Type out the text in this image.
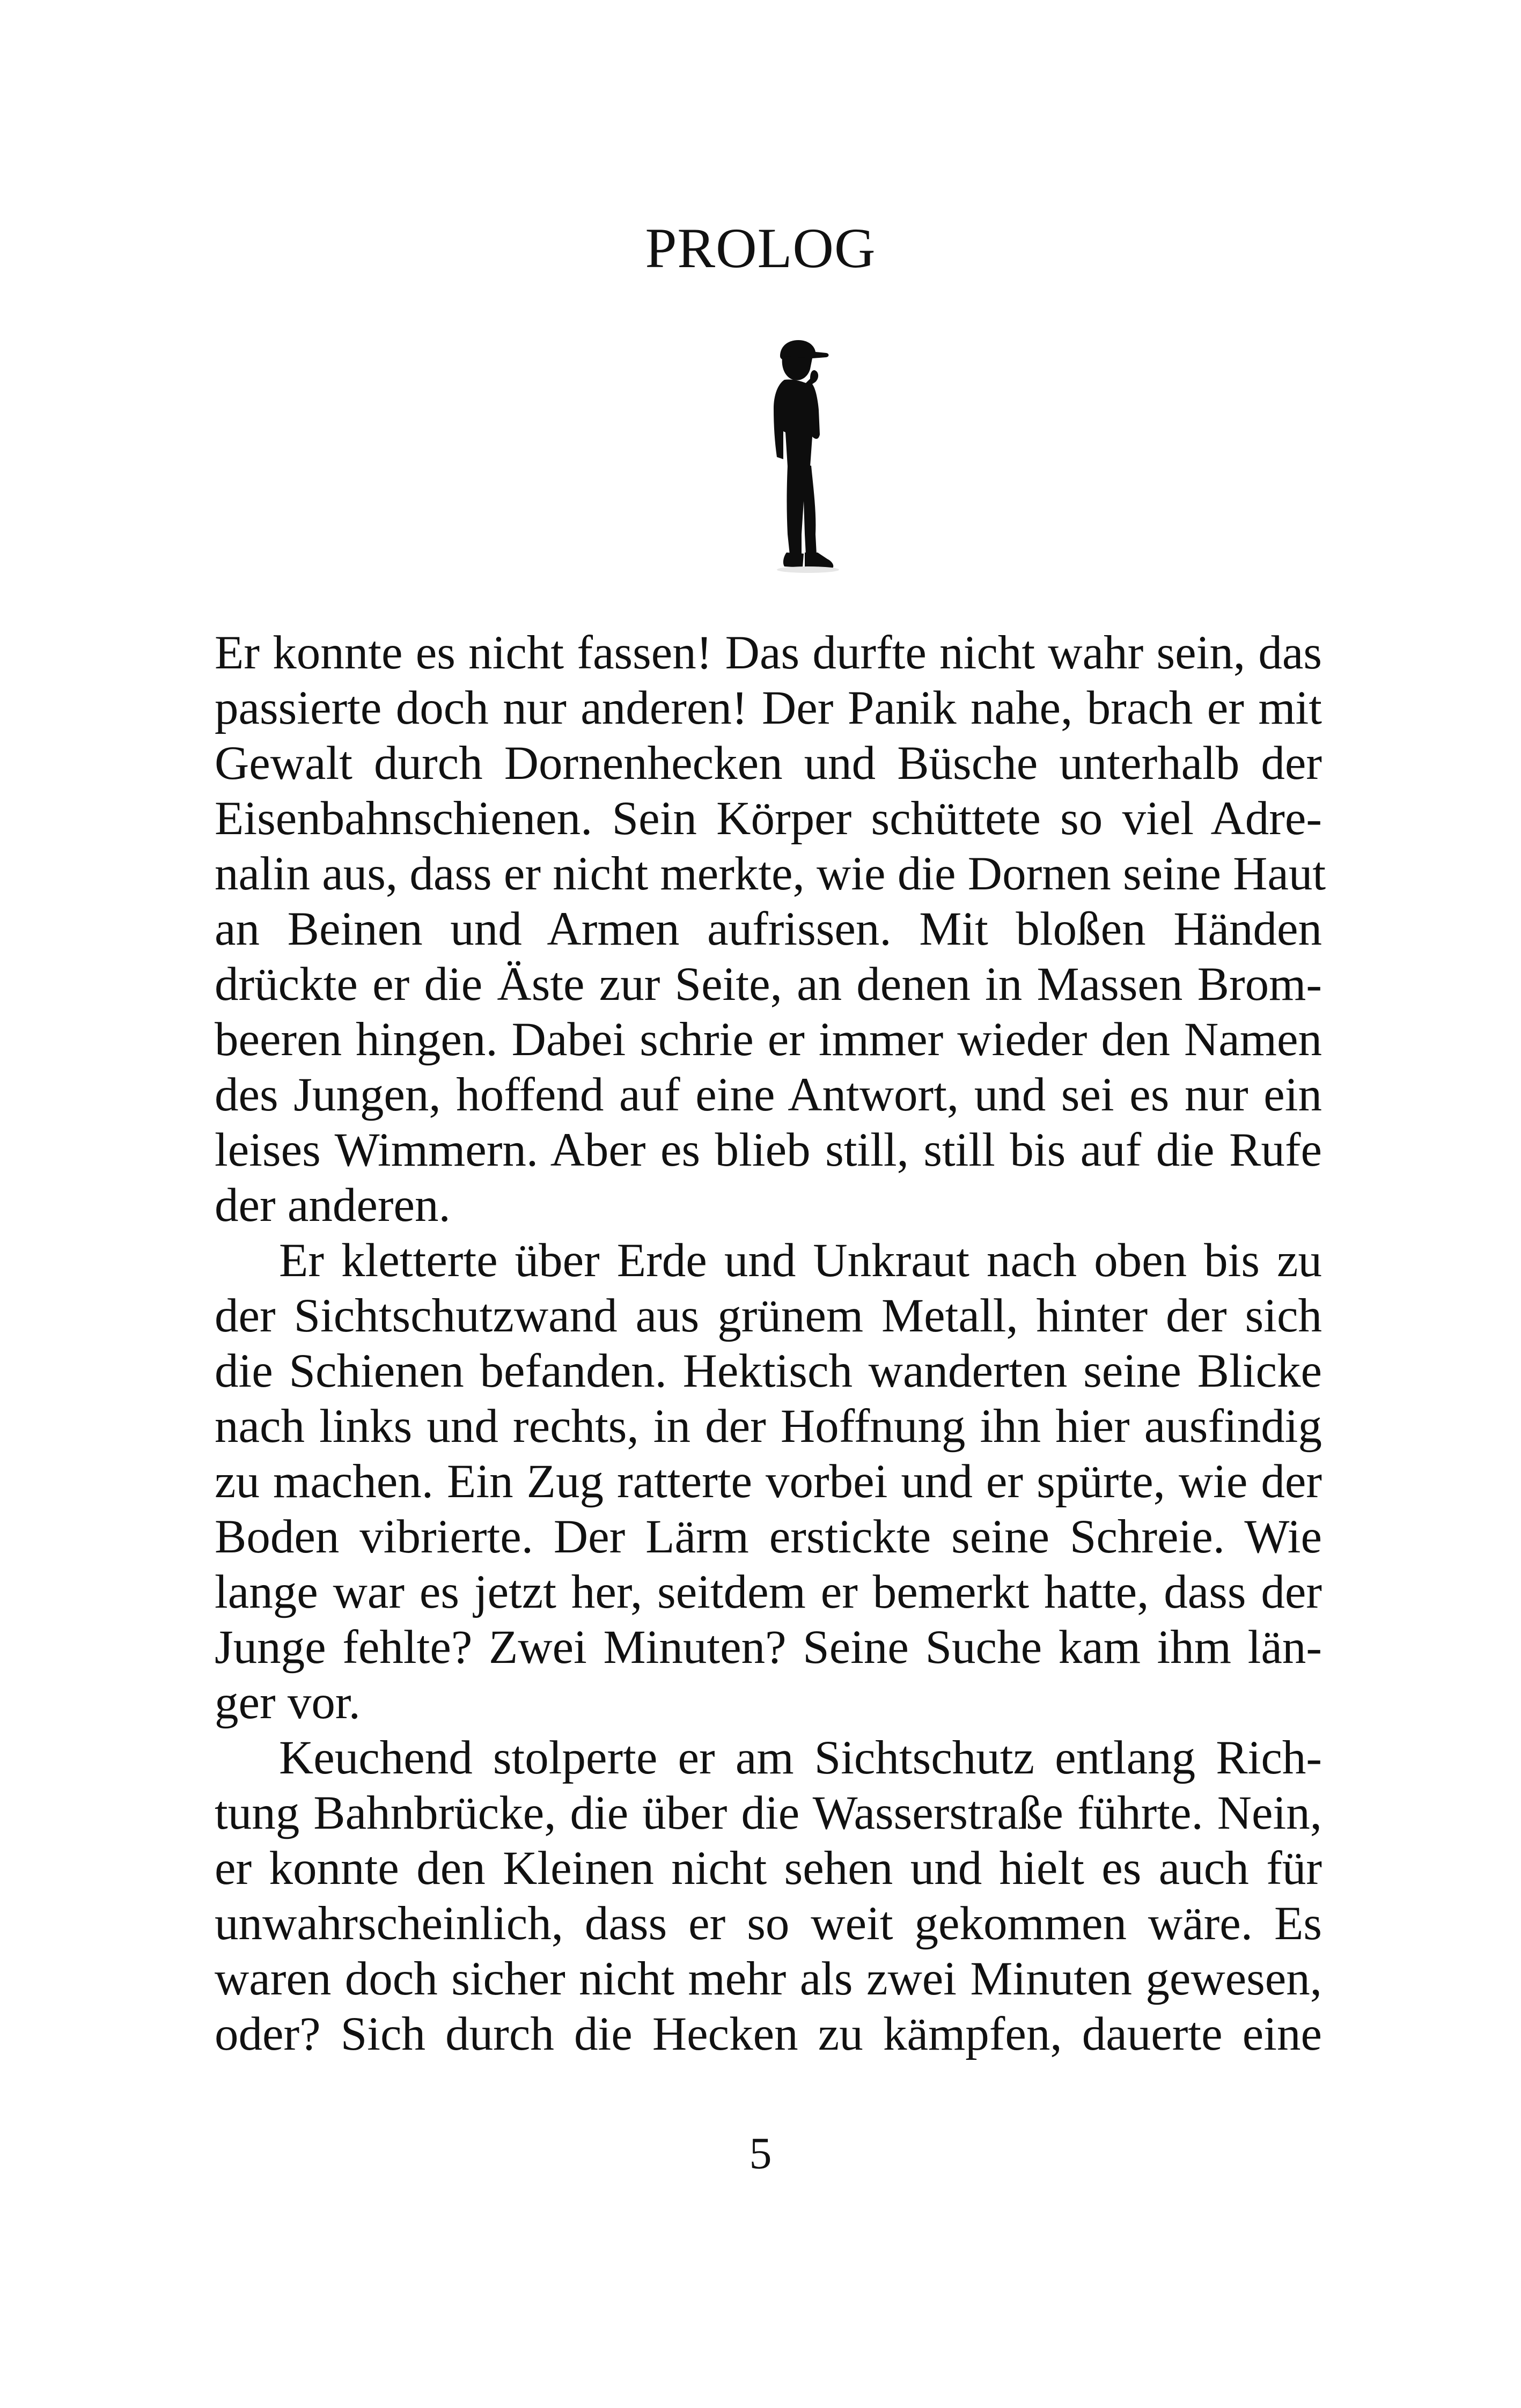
PROLOG
Er konnte es nicht fassen! Das durfte nicht wahr sein, das
passierte doch nur anderen! Der Panik nahe, brach er mit
Gewalt durch Dornenhecken und Büsche unterhalb der
Eisenbahnschienen. Sein Körper schüttete so viel Adre-
nalin aus, dass er nicht merkte, wie die Dornen seine Haut
an Beinen und Armen aufrissen. Mit bloßen Händen
drückte er die Äste zur Seite, an denen in Massen Brom-
beeren hingen. Dabei schrie er immer wieder den Namen
des Jungen, hoffend auf eine Antwort, und sei es nur ein
leises Wimmern. Aber es blieb still, still bis auf die Rufe
der anderen.
Er kletterte über Erde und Unkraut nach oben bis zu
der Sichtschutzwand aus grünem Metall, hinter der sich
die Schienen befanden. Hektisch wanderten seine Blicke
nach links und rechts, in der Hoffnung ihn hier ausfindig
zu machen. Ein Zug ratterte vorbei und er spürte, wie der
Boden vibrierte. Der Lärm erstickte seine Schreie. Wie
lange war es jetzt her, seitdem er bemerkt hatte, dass der
Junge fehlte? Zwei Minuten? Seine Suche kam ihm län-
ger vor.
Keuchend stolperte er am Sichtschutz entlang Rich-
tung Bahnbrücke, die über die Wasserstraße führte. Nein,
er konnte den Kleinen nicht sehen und hielt es auch für
unwahrscheinlich, dass er so weit gekommen wäre. Es
waren doch sicher nicht mehr als zwei Minuten gewesen,
oder? Sich durch die Hecken zu kämpfen, dauerte eine
5
